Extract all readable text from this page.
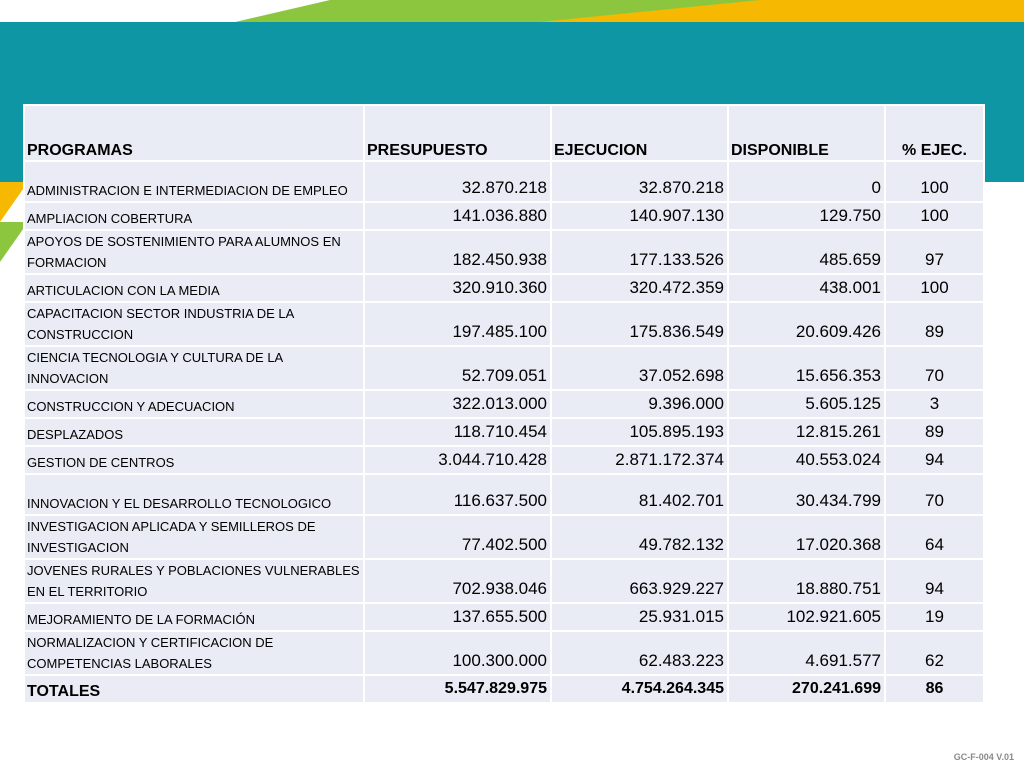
PROGRAMAS	PRESUPUESTO	EJECUCION	DISPONIBLE	% EJEC.
ADMINISTRACION E INTERMEDIACION DE EMPLEO	32.870.218	32.870.218	0	100
AMPLIACION COBERTURA	141.036.880	140.907.130	129.750	100
APOYOS DE SOSTENIMIENTO PARA ALUMNOS EN FORMACION	182.450.938	177.133.526	485.659	97
ARTICULACION CON LA MEDIA	320.910.360	320.472.359	438.001	100
CAPACITACION SECTOR INDUSTRIA DE LA CONSTRUCCION	197.485.100	175.836.549	20.609.426	89
CIENCIA TECNOLOGIA Y CULTURA DE LA INNOVACION	52.709.051	37.052.698	15.656.353	70
CONSTRUCCION Y ADECUACION	322.013.000	9.396.000	5.605.125	3
DESPLAZADOS	118.710.454	105.895.193	12.815.261	89
GESTION DE CENTROS	3.044.710.428	2.871.172.374	40.553.024	94
INNOVACION Y EL DESARROLLO TECNOLOGICO	116.637.500	81.402.701	30.434.799	70
INVESTIGACION APLICADA Y SEMILLEROS DE INVESTIGACION	77.402.500	49.782.132	17.020.368	64
JOVENES RURALES Y POBLACIONES VULNERABLES EN EL TERRITORIO	702.938.046	663.929.227	18.880.751	94
MEJORAMIENTO DE LA FORMACIÓN	137.655.500	25.931.015	102.921.605	19
NORMALIZACION Y CERTIFICACION DE COMPETENCIAS LABORALES	100.300.000	62.483.223	4.691.577	62
TOTALES	5.547.829.975	4.754.264.345	270.241.699	86
GC-F-004 V.01
